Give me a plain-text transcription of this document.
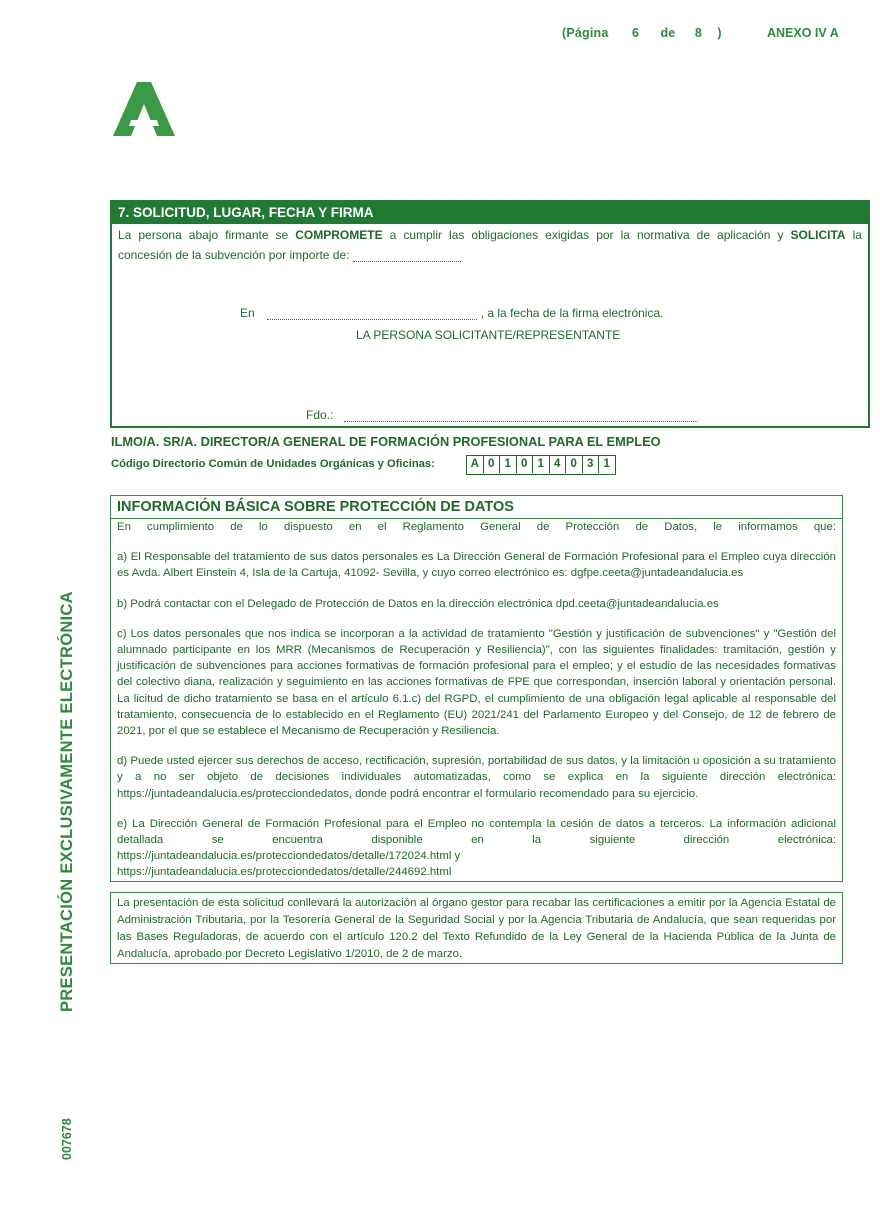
(Página 6 de 8 )	ANEXO IV A
PRESENTACIÓN EXCLUSIVAMENTE ELECTRÓNICA
007678
7. SOLICITUD, LUGAR, FECHA Y FIRMA
La persona abajo firmante se COMPROMETE a cumplir las obligaciones exigidas por la normativa de aplicación y SOLICITA la
concesión de la subvención por importe de:
En	, a la fecha de la firma electrónica.
LA PERSONA SOLICITANTE/REPRESENTANTE
Fdo.:
ILMO/A. SR/A. DIRECTOR/A GENERAL DE FORMACIÓN PROFESIONAL PARA EL EMPLEO
Código Directorio Común de Unidades Orgánicas y Oficinas:	A 0 1 0 1 4 0 3 1
INFORMACIÓN BÁSICA SOBRE PROTECCIÓN DE DATOS
En cumplimiento de lo dispuesto en el Reglamento General de Protección de Datos, le informamos que:
a) El Responsable del tratamiento de sus datos personales es La Dirección General de Formación Profesional para el Empleo cuya dirección es Avda. Albert Einstein 4, Isla de la Cartuja, 41092- Sevilla, y cuyo correo electrónico es: dgfpe.ceeta@juntadeandalucia.es
b) Podrá contactar con el Delegado de Protección de Datos en la dirección electrónica dpd.ceeta@juntadeandalucia.es
c) Los datos personales que nos indica se incorporan a la actividad de tratamiento "Gestión y justificación de subvenciones" y "Gestión del alumnado participante en los MRR (Mecanismos de Recuperación y Resiliencia)", con las siguientes finalidades: tramitación, gestión y justificación de subvenciones para acciones formativas de formación profesional para el empleo; y el estudio de las necesidades formativas del colectivo diana, realización y seguimiento en las acciones formativas de FPE que correspondan, inserción laboral y orientación personal. La licitud de dicho tratamiento se basa en el artículo 6.1.c) del RGPD, el cumplimiento de una obligación legal aplicable al responsable del tratamiento, consecuencia de lo establecido en el Reglamento (EU) 2021/241 del Parlamento Europeo y del Consejo, de 12 de febrero de 2021, por el que se establece el Mecanismo de Recuperación y Resiliencia.
d) Puede usted ejercer sus derechos de acceso, rectificación, supresión, portabilidad de sus datos, y la limitación u oposición a su tratamiento y a no ser objeto de decisiones individuales automatizadas, como se explica en la siguiente dirección electrónica: https://juntadeandalucia.es/protecciondedatos, donde podrá encontrar el formulario recomendado para su ejercicio.
e) La Dirección General de Formación Profesional para el Empleo no contempla la cesión de datos a terceros. La información adicional detallada se encuentra disponible en la siguiente dirección electrónica:
https://juntadeandalucia.es/protecciondedatos/detalle/172024.html y
https://juntadeandalucia.es/protecciondedatos/detalle/244692.html
La presentación de esta solicitud conllevará la autorización al órgano gestor para recabar las certificaciones a emitir por la Agencia Estatal de Administración Tributaria, por la Tesorería General de la Seguridad Social y por la Agencia Tributaria de Andalucía, que sean requeridas por las Bases Reguladoras, de acuerdo con el artículo 120.2 del Texto Refundido de la Ley General de la Hacienda Pública de la Junta de Andalucía, aprobado por Decreto Legislativo 1/2010, de 2 de marzo.
